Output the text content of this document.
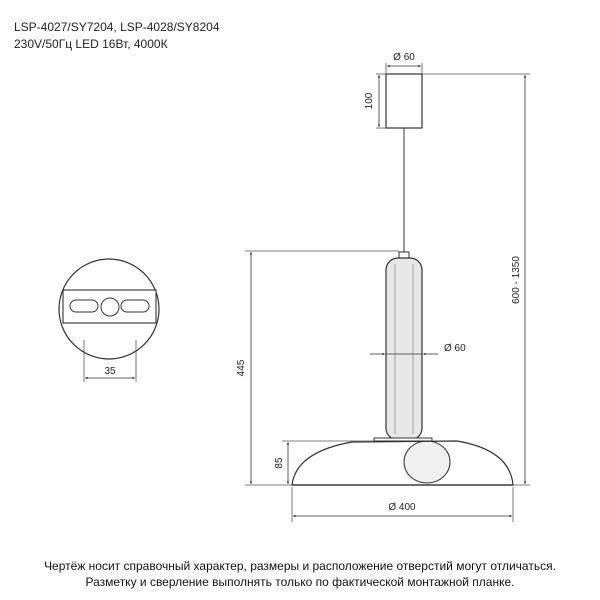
LSP-4027/SY7204, LSP-4028/SY8204
230V/50Гц LED 16Вт, 4000К
35
Ø 60
100
Ø 60
445
85
600 - 1350
Ø 400
Чертёж носит справочный характер, размеры и расположение отверстий могут отличаться.
Разметку и сверление выполнять только по фактической монтажной планке.
